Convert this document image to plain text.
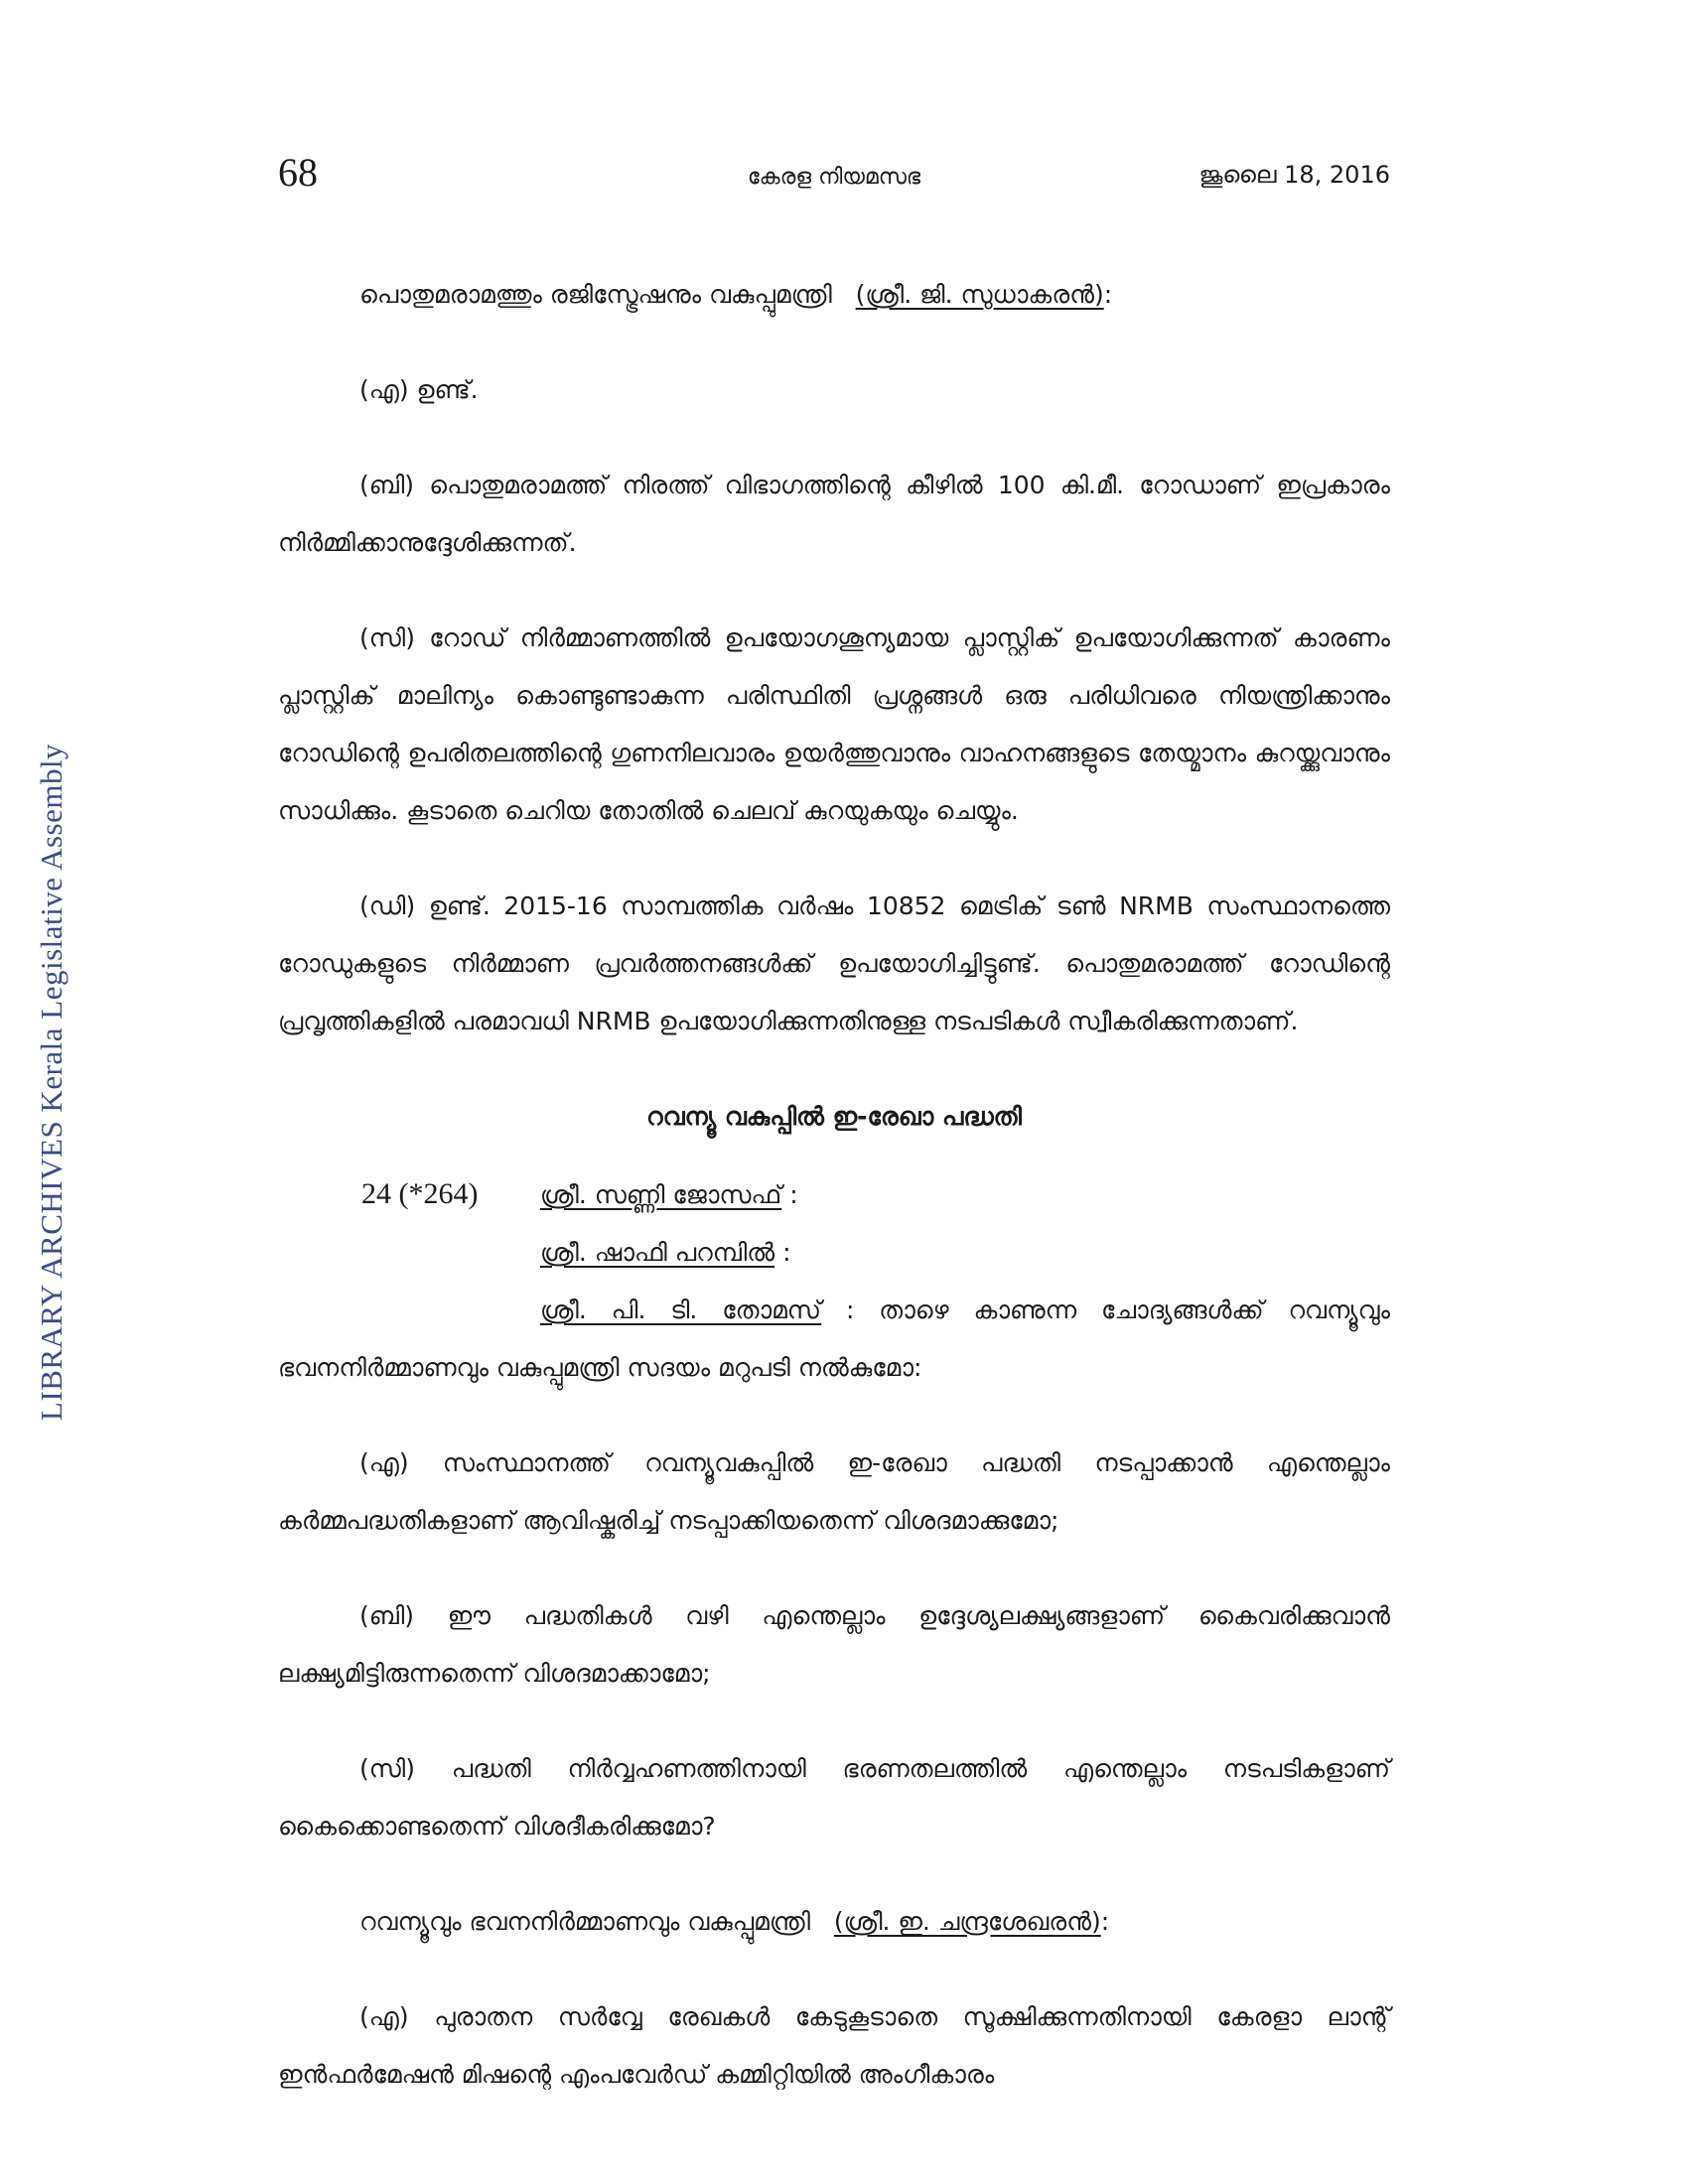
LIBRARY ARCHIVES Kerala Legislative Assembly
68	കേരള നിയമസഭ	ജൂലൈ 18, 2016

പൊതുമരാമത്തും രജിസ്ട്രേഷനും വകുപ്പുമന്ത്രി (ശ്രീ. ജി. സുധാകരൻ):

(എ) ഉണ്ട്.

(ബി) പൊതുമരാമത്ത് നിരത്ത് വിഭാഗത്തിന്റെ കീഴിൽ 100 കി.മീ. റോഡാണ് ഇപ്രകാരം നിർമ്മിക്കാനുദ്ദേശിക്കുന്നത്.

(സി) റോഡ് നിർമ്മാണത്തിൽ ഉപയോഗശൂന്യമായ പ്ലാസ്റ്റിക് ഉപയോഗിക്കുന്നത് കാരണം പ്ലാസ്റ്റിക് മാലിന്യം കൊണ്ടുണ്ടാകുന്ന പരിസ്ഥിതി പ്രശ്നങ്ങൾ ഒരു പരിധിവരെ നിയന്ത്രിക്കാനും റോഡിന്റെ ഉപരിതലത്തിന്റെ ഗുണനിലവാരം ഉയർത്തുവാനും വാഹനങ്ങളുടെ തേയ്മാനം കുറയ്ക്കുവാനും സാധിക്കും. കൂടാതെ ചെറിയ തോതിൽ ചെലവ് കുറയുകയും ചെയ്യും.

(ഡി) ഉണ്ട്. 2015-16 സാമ്പത്തിക വർഷം 10852 മെട്രിക് ടൺ NRMB സംസ്ഥാനത്തെ റോഡുകളുടെ നിർമ്മാണ പ്രവർത്തനങ്ങൾക്ക് ഉപയോഗിച്ചിട്ടുണ്ട്. പൊതുമരാമത്ത് റോഡിന്റെ പ്രവൃത്തികളിൽ പരമാവധി NRMB ഉപയോഗിക്കുന്നതിനുള്ള നടപടികൾ സ്വീകരിക്കുന്നതാണ്.

റവന്യൂ വകുപ്പിൽ ഇ-രേഖാ പദ്ധതി

24 (*264)	ശ്രീ. സണ്ണി ജോസഫ് :

ശ്രീ. ഷാഫി പറമ്പിൽ :

ശ്രീ. പി. ടി. തോമസ് : താഴെ കാണുന്ന ചോദ്യങ്ങൾക്ക് റവന്യൂവും ഭവനനിർമ്മാണവും വകുപ്പുമന്ത്രി സദയം മറുപടി നൽകുമോ:

(എ) സംസ്ഥാനത്ത് റവന്യൂവകുപ്പിൽ ഇ-രേഖാ പദ്ധതി നടപ്പാക്കാൻ എന്തെല്ലാം കർമ്മപദ്ധതികളാണ് ആവിഷ്കരിച്ച് നടപ്പാക്കിയതെന്ന് വിശദമാക്കുമോ;

(ബി) ഈ പദ്ധതികൾ വഴി എന്തെല്ലാം ഉദ്ദേശ്യലക്ഷ്യങ്ങളാണ് കൈവരിക്കുവാൻ ലക്ഷ്യമിട്ടിരുന്നതെന്ന് വിശദമാക്കാമോ;

(സി) പദ്ധതി നിർവ്വഹണത്തിനായി ഭരണതലത്തിൽ എന്തെല്ലാം നടപടികളാണ് കൈക്കൊണ്ടതെന്ന് വിശദീകരിക്കുമോ?

റവന്യൂവും ഭവനനിർമ്മാണവും വകുപ്പുമന്ത്രി (ശ്രീ. ഇ. ചന്ദ്രശേഖരൻ):

(എ) പുരാതന സർവ്വേ രേഖകൾ കേടുകൂടാതെ സൂക്ഷിക്കുന്നതിനായി കേരളാ ലാന്റ് ഇൻഫർമേഷൻ മിഷന്റെ എംപവേർഡ് കമ്മിറ്റിയിൽ അംഗീകാരം
